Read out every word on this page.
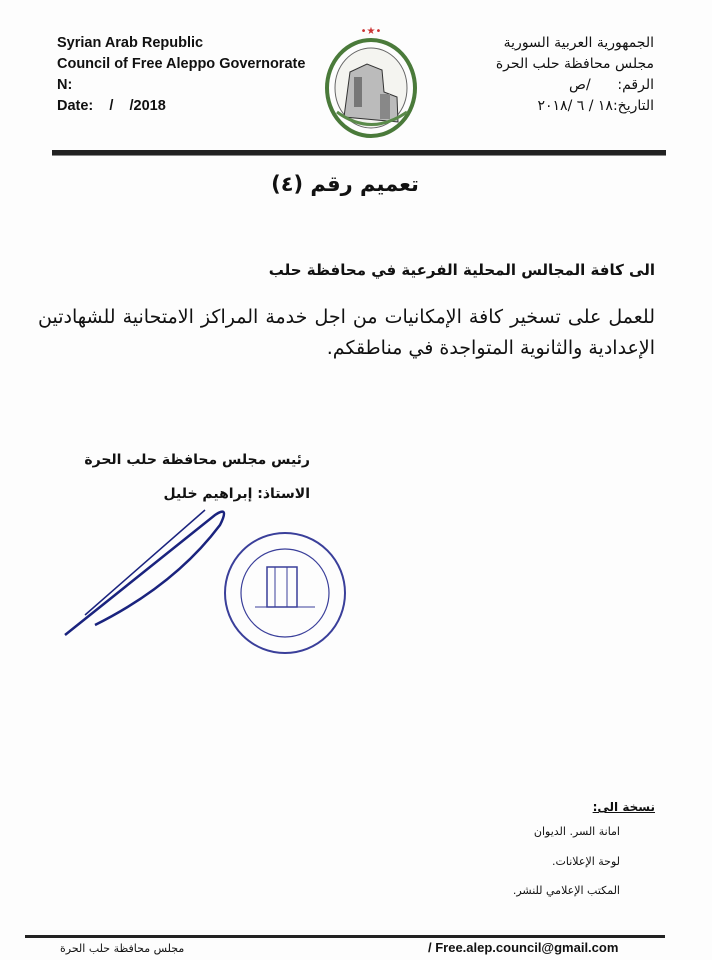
Syrian Arab Republic
Council of Free Aleppo Governorate
N:
Date:    /    /2018
•★•
الجمهورية العربية السورية
مجلس محافظة حلب الحرة
الرقم:      /ص
التاريخ:١٨ / ٦ /٢٠١٨
تعميم رقم (٤)
الى كافة المجالس المحلية الفرعية في محافظة حلب
للعمل على تسخير كافة الإمكانيات من اجل خدمة المراكز الامتحانية للشهادتين الإعدادية والثانوية المتواجدة في مناطقكم.
رئيس مجلس محافظة حلب الحرة
الاستاذ: إبراهيم خليل
نسخة الى:
امانة السر. الديوان
لوحة الإعلانات.
المكتب الإعلامي للنشر.
مجلس محافظة حلب الحرة	/ Free.alep.council@gmail.com
